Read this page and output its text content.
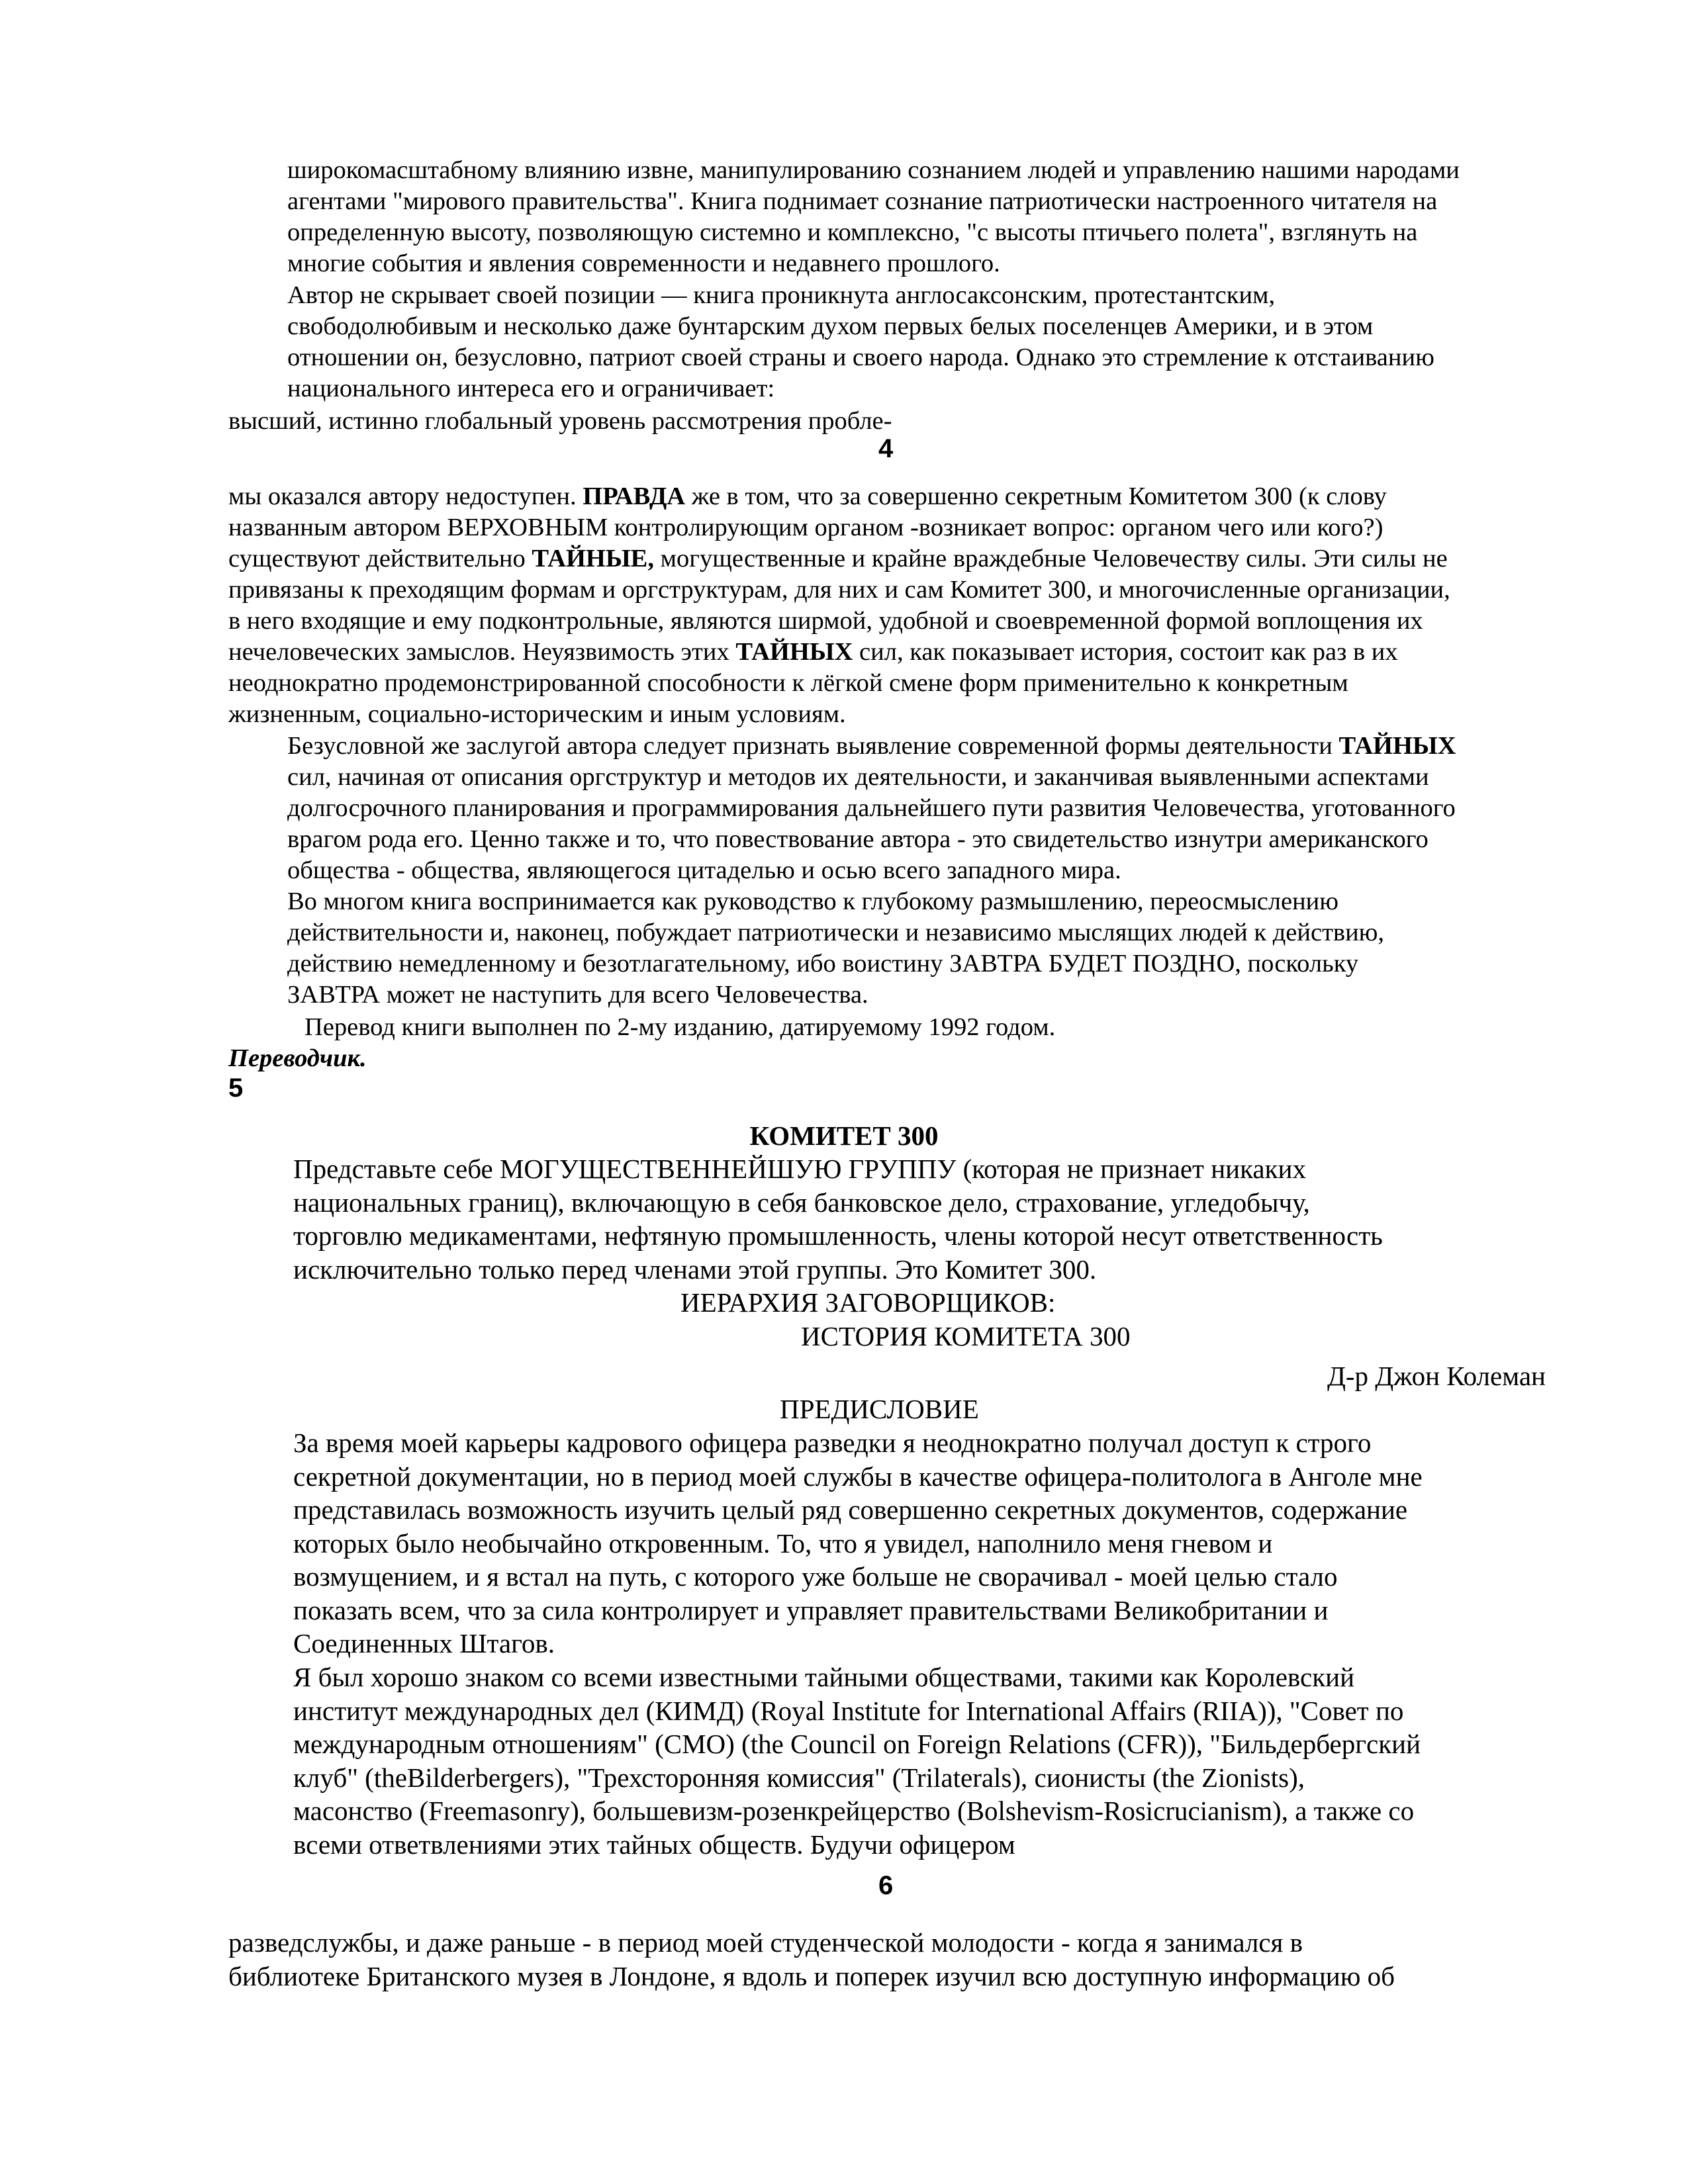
широкомасштабному влиянию извне, манипулированию сознанием людей и управлению нашими народами
агентами "мирового правительства". Книга поднимает сознание патриотически настроенного читателя на
определенную высоту, позволяющую системно и комплексно, "с высоты птичьего полета", взглянуть на
многие события и явления современности и недавнего прошлого.
Автор не скрывает своей позиции — книга проникнута англосаксонским, протестантским,
свободолюбивым и несколько даже бунтарским духом первых белых поселенцев Америки, и в этом
отношении он, безусловно, патриот своей страны и своего народа. Однако это стремление к отстаиванию
национального интереса его и ограничивает:
высший, истинно глобальный уровень рассмотрения пробле-
4
мы оказался автору недоступен. ПРАВДА же в том, что за совершенно секретным Комитетом 300 (к слову
названным автором ВЕРХОВНЫМ контролирующим органом -возникает вопрос: органом чего или кого?)
существуют действительно ТАЙНЫЕ, могущественные и крайне враждебные Человечеству силы. Эти силы не
привязаны к преходящим формам и оргструктурам, для них и сам Комитет 300, и многочисленные организации,
в него входящие и ему подконтрольные, являются ширмой, удобной и своевременной формой воплощения их
нечеловеческих замыслов. Неуязвимость этих ТАЙНЫХ сил, как показывает история, состоит как раз в их
неоднократно продемонстрированной способности к лёгкой смене форм применительно к конкретным
жизненным, социально-историческим и иным условиям.
Безусловной же заслугой автора следует признать выявление современной формы деятельности ТАЙНЫХ
сил, начиная от описания оргструктур и методов их деятельности, и заканчивая выявленными аспектами
долгосрочного планирования и программирования дальнейшего пути развития Человечества, уготованного
врагом рода его. Ценно также и то, что повествование автора - это свидетельство изнутри американского
общества - общества, являющегося цитаделью и осью всего западного мира.
Во многом книга воспринимается как руководство к глубокому размышлению, переосмыслению
действительности и, наконец, побуждает патриотически и независимо мыслящих людей к действию,
действию немедленному и безотлагательному, ибо воистину ЗАВТРА БУДЕТ ПОЗДНО, поскольку
ЗАВТРА может не наступить для всего Человечества.
Перевод книги выполнен по 2-му изданию, датируемому 1992 годом.
Переводчик.
5
КОМИТЕТ 300
Представьте себе МОГУЩЕСТВЕННЕЙШУЮ ГРУППУ (которая не признает никаких
национальных границ), включающую в себя банковское дело, страхование, угледобычу,
торговлю медикаментами, нефтяную промышленность, члены которой несут ответственность
исключительно только перед членами этой группы. Это Комитет 300.
ИЕРАРХИЯ ЗАГОВОРЩИКОВ:
ИСТОРИЯ КОМИТЕТА 300
Д-р Джон Колеман
ПРЕДИСЛОВИЕ
За время моей карьеры кадрового офицера разведки я неоднократно получал доступ к строго
секретной документации, но в период моей службы в качестве офицера-политолога в Анголе мне
представилась возможность изучить целый ряд совершенно секретных документов, содержание
которых было необычайно откровенным. То, что я увидел, наполнило меня гневом и
возмущением, и я встал на путь, с которого уже больше не сворачивал - моей целью стало
показать всем, что за сила контролирует и управляет правительствами Великобритании и
Соединенных Штагов.
Я был хорошо знаком со всеми известными тайными обществами, такими как Королевский
институт международных дел (КИМД) (Royal Institute for International Affairs (RIIA)), "Совет по
международным отношениям" (СМО) (the Council on Foreign Relations (CFR)), "Бильдербергский
клуб" (theBilderbergers), "Трехсторонняя комиссия" (Trilaterals), сионисты (the Zionists),
масонство (Freemasonry), большевизм-розенкрейцерство (Bolshevism-Rosicrucianism), а также со
всеми ответвлениями этих тайных обществ. Будучи офицером
6
разведслужбы, и даже раньше - в период моей студенческой молодости - когда я занимался в
библиотеке Британского музея в Лондоне, я вдоль и поперек изучил всю доступную информацию об
